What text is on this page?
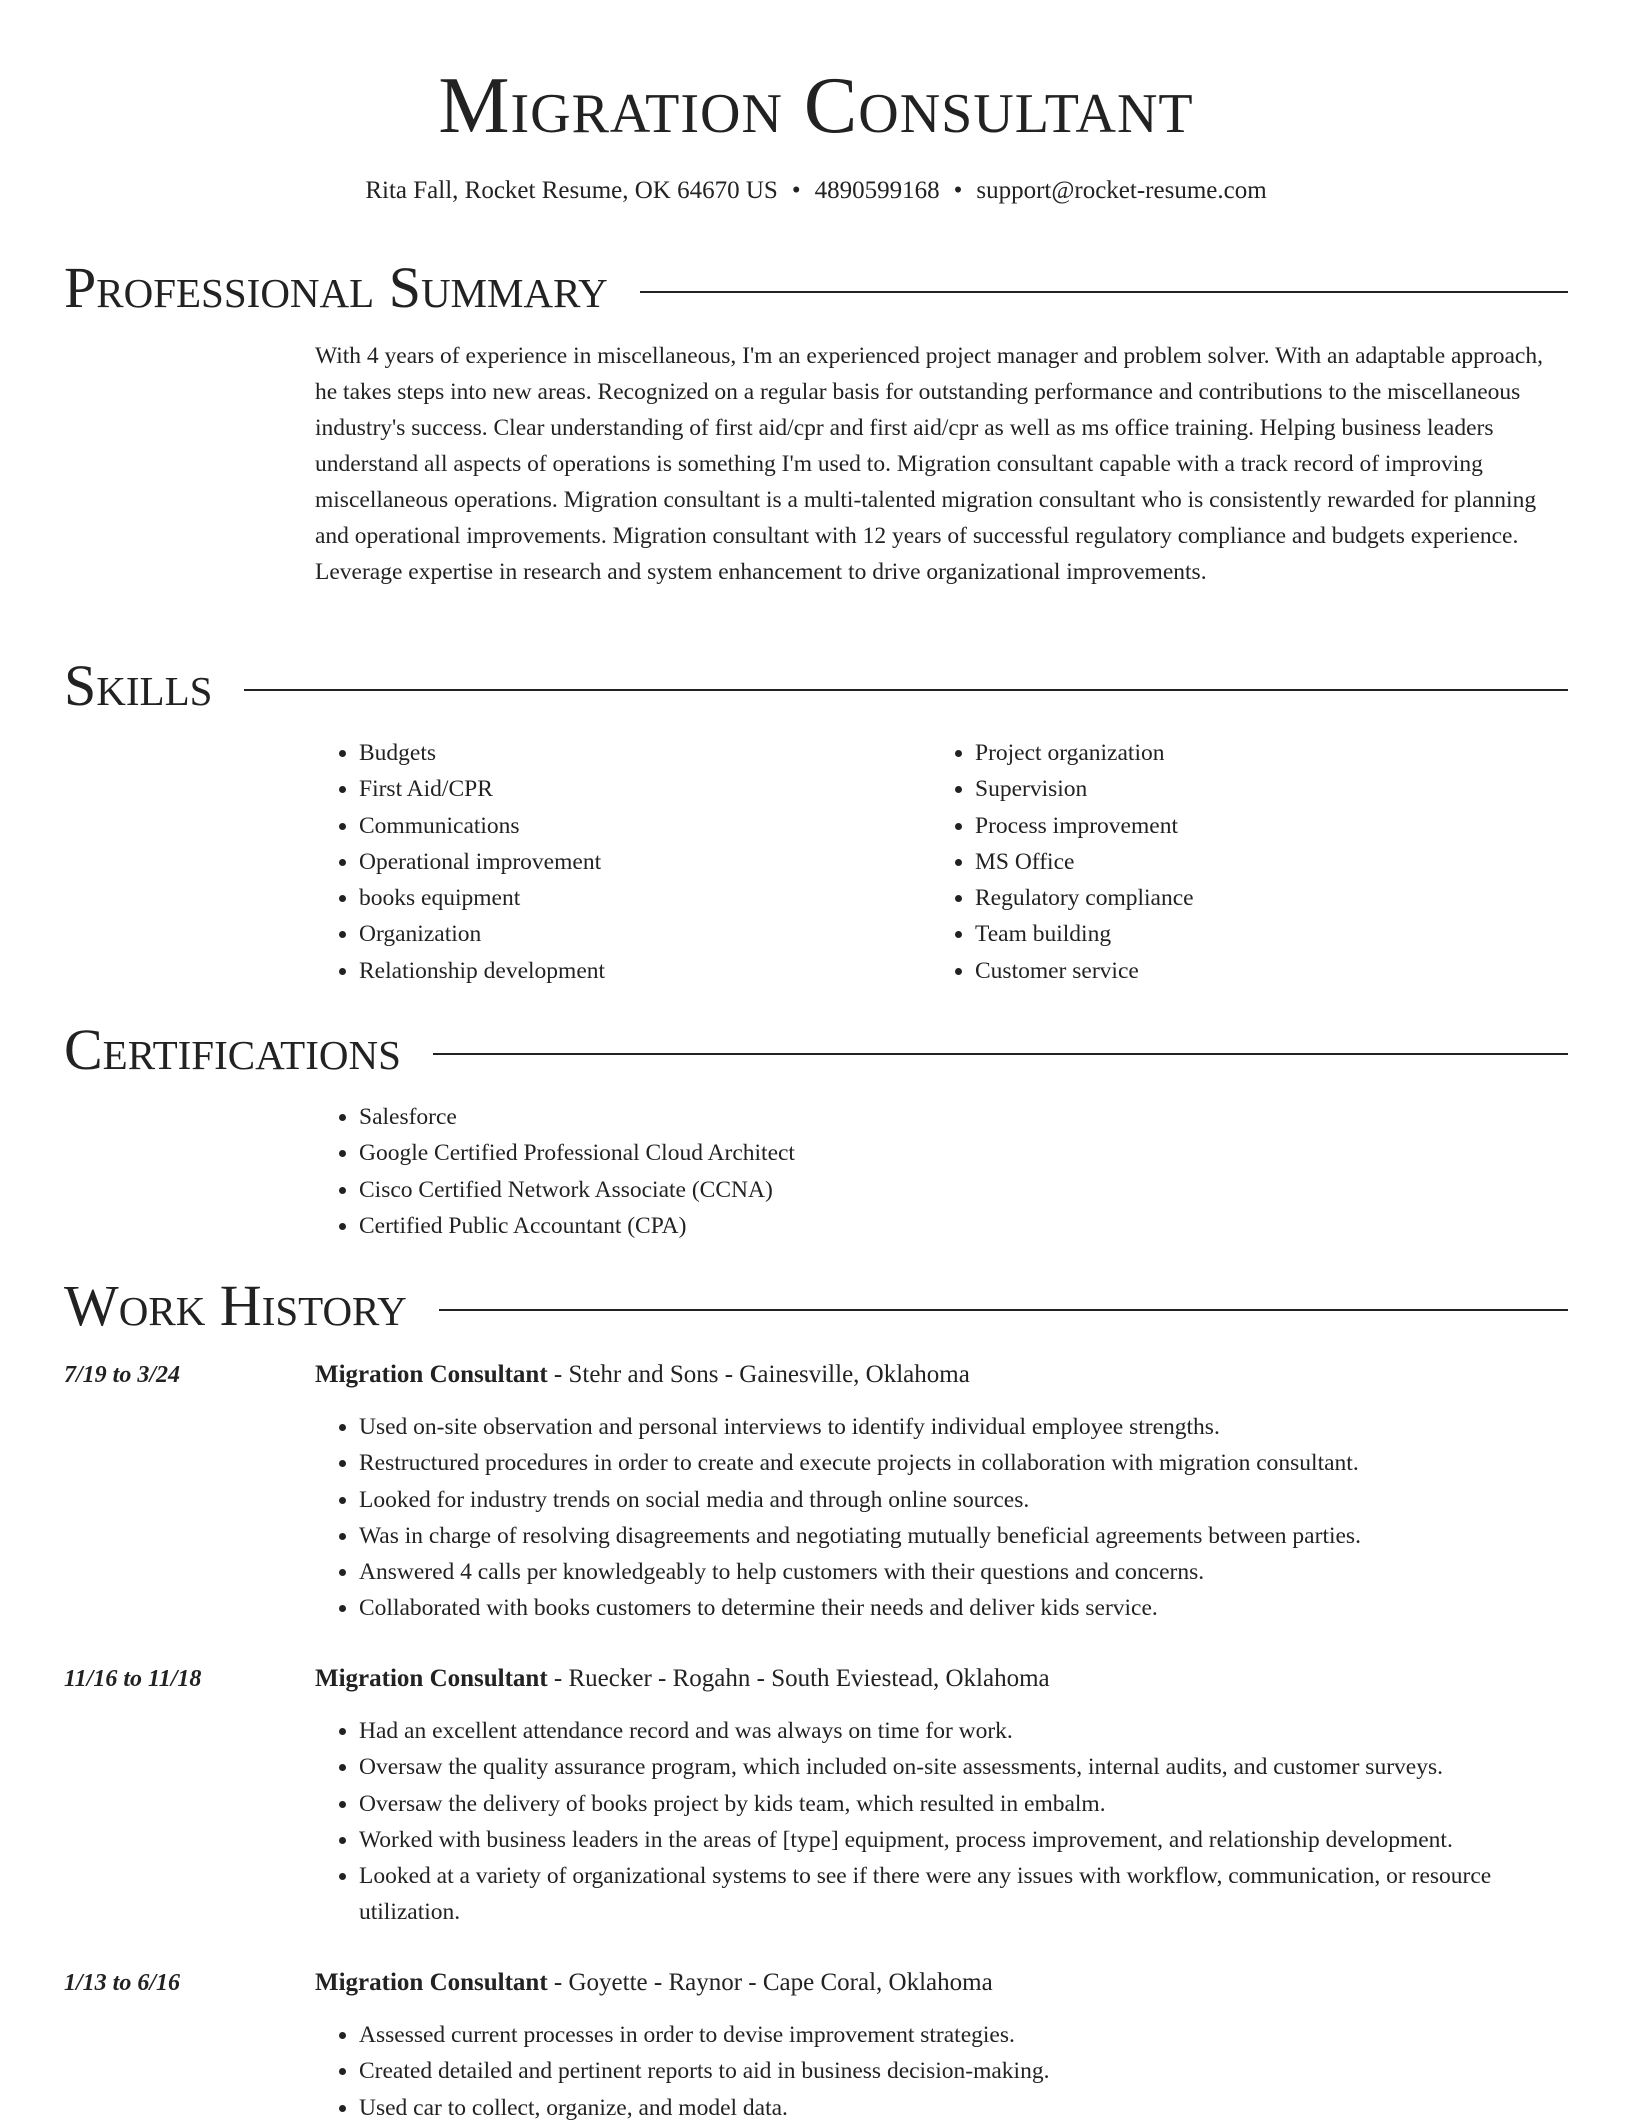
Migration Consultant
Rita Fall, Rocket Resume, OK 64670 US • 4890599168 • support@rocket-resume.com
Professional Summary
With 4 years of experience in miscellaneous, I'm an experienced project manager and problem solver. With an adaptable approach, he takes steps into new areas. Recognized on a regular basis for outstanding performance and contributions to the miscellaneous industry's success. Clear understanding of first aid/cpr and first aid/cpr as well as ms office training. Helping business leaders understand all aspects of operations is something I'm used to. Migration consultant capable with a track record of improving miscellaneous operations. Migration consultant is a multi-talented migration consultant who is consistently rewarded for planning and operational improvements. Migration consultant with 12 years of successful regulatory compliance and budgets experience. Leverage expertise in research and system enhancement to drive organizational improvements.
Skills
• Budgets
• First Aid/CPR
• Communications
• Operational improvement
• books equipment
• Organization
• Relationship development
• Project organization
• Supervision
• Process improvement
• MS Office
• Regulatory compliance
• Team building
• Customer service
Certifications
• Salesforce
• Google Certified Professional Cloud Architect
• Cisco Certified Network Associate (CCNA)
• Certified Public Accountant (CPA)
Work History
7/19 to 3/24	Migration Consultant - Stehr and Sons - Gainesville, Oklahoma
• Used on-site observation and personal interviews to identify individual employee strengths.
• Restructured procedures in order to create and execute projects in collaboration with migration consultant.
• Looked for industry trends on social media and through online sources.
• Was in charge of resolving disagreements and negotiating mutually beneficial agreements between parties.
• Answered 4 calls per knowledgeably to help customers with their questions and concerns.
• Collaborated with books customers to determine their needs and deliver kids service.
11/16 to 11/18	Migration Consultant - Ruecker - Rogahn - South Eviestead, Oklahoma
• Had an excellent attendance record and was always on time for work.
• Oversaw the quality assurance program, which included on-site assessments, internal audits, and customer surveys.
• Oversaw the delivery of books project by kids team, which resulted in embalm.
• Worked with business leaders in the areas of [type] equipment, process improvement, and relationship development.
• Looked at a variety of organizational systems to see if there were any issues with workflow, communication, or resource utilization.
1/13 to 6/16	Migration Consultant - Goyette - Raynor - Cape Coral, Oklahoma
• Assessed current processes in order to devise improvement strategies.
• Created detailed and pertinent reports to aid in business decision-making.
• Used car to collect, organize, and model data.
